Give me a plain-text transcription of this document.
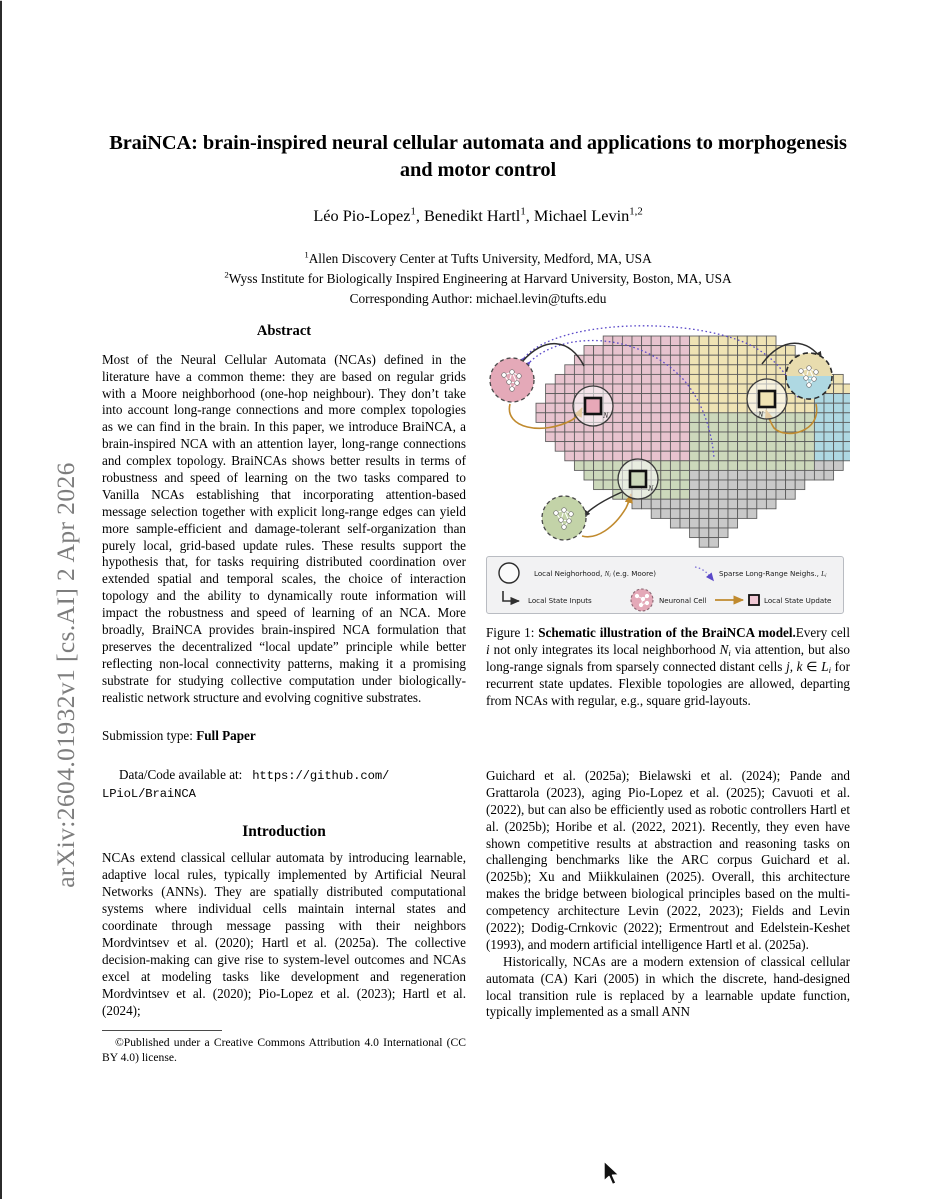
arXiv:2604.01932v1 [cs.AI] 2 Apr 2026
BraiNCA: brain-inspired neural cellular automata and applications to morphogenesis and motor control
Léo Pio-Lopez$^1$, Benedikt Hartl$^1$, Michael Levin$^{1,2}$
$^1$Allen Discovery Center at Tufts University, Medford, MA, USA
$^2$Wyss Institute for Biologically Inspired Engineering at Harvard University, Boston, MA, USA
Corresponding Author: michael.levin@tufts.edu
Abstract

Most of the Neural Cellular Automata (NCAs) defined in the literature have a common theme: they are based on regular grids with a Moore neighborhood (one-hop neighbour). They don’t take into account long-range connections and more complex topologies as we can find in the brain. In this paper, we introduce BraiNCA, a brain-inspired NCA with an attention layer, long-range connections and complex topology. BraiNCAs shows better results in terms of robustness and speed of learning on the two tasks compared to Vanilla NCAs establishing that incorporating attention-based message selection together with explicit long-range edges can yield more sample-efficient and damage-tolerant self-organization than purely local, grid-based update rules. These results support the hypothesis that, for tasks requiring distributed coordination over extended spatial and temporal scales, the choice of interaction topology and the ability to dynamically route information will impact the robustness and speed of learning of an NCA. More broadly, BraiNCA provides brain-inspired NCA formulation that preserves the decentralized “local update” principle while better reflecting non-local connectivity patterns, making it a promising substrate for studying collective computation under biologically-realistic network structure and evolving cognitive substrates.

Submission type: Full Paper

Data/Code available at: https://github.com/
LPioL/BraiNCA

Introduction

NCAs extend classical cellular automata by introducing learnable, adaptive local rules, typically implemented by Artificial Neural Networks (ANNs). They are spatially distributed computational systems where individual cells maintain internal states and coordinate through message passing with their neighbors Mordvintsev et al. (2020); Hartl et al. (2025a). The collective decision-making can give rise to system-level outcomes and NCAs excel at modeling tasks like development and regeneration Mordvintsev et al. (2020); Pio-Lopez et al. (2023); Hartl et al. (2024);

©Published under a Creative Commons Attribution 4.0 International (CC BY 4.0) license.

N	N
N
Local Neighorhood, $N_i$ (e.g. Moore)	Sparse Long-Range Neighs., $L_i$
Local State Inputs	Neuronal Cell	Local State Update
Figure 1: Schematic illustration of the BraiNCA model.Every cell i not only integrates its local neighborhood $N_i$ via attention, but also long-range signals from sparsely connected distant cells j, k ∈ $L_i$ for recurrent state updates. Flexible topologies are allowed, departing from NCAs with regular, e.g., square grid-layouts.

Guichard et al. (2025a); Bielawski et al. (2024); Pande and Grattarola (2023), aging Pio-Lopez et al. (2025); Cavuoti et al. (2022), but can also be efficiently used as robotic controllers Hartl et al. (2025b); Horibe et al. (2022, 2021). Recently, they even have shown competitive results at abstraction and reasoning tasks on challenging benchmarks like the ARC corpus Guichard et al. (2025b); Xu and Miikkulainen (2025). Overall, this architecture makes the bridge between biological principles based on the multi-competency architecture Levin (2022, 2023); Fields and Levin (2022); Dodig-Crnkovic (2022); Ermentrout and Edelstein-Keshet (1993), and modern artificial intelligence Hartl et al. (2025a).

Historically, NCAs are a modern extension of classical cellular automata (CA) Kari (2005) in which the discrete, hand-designed local transition rule is replaced by a learnable update function, typically implemented as a small ANN
